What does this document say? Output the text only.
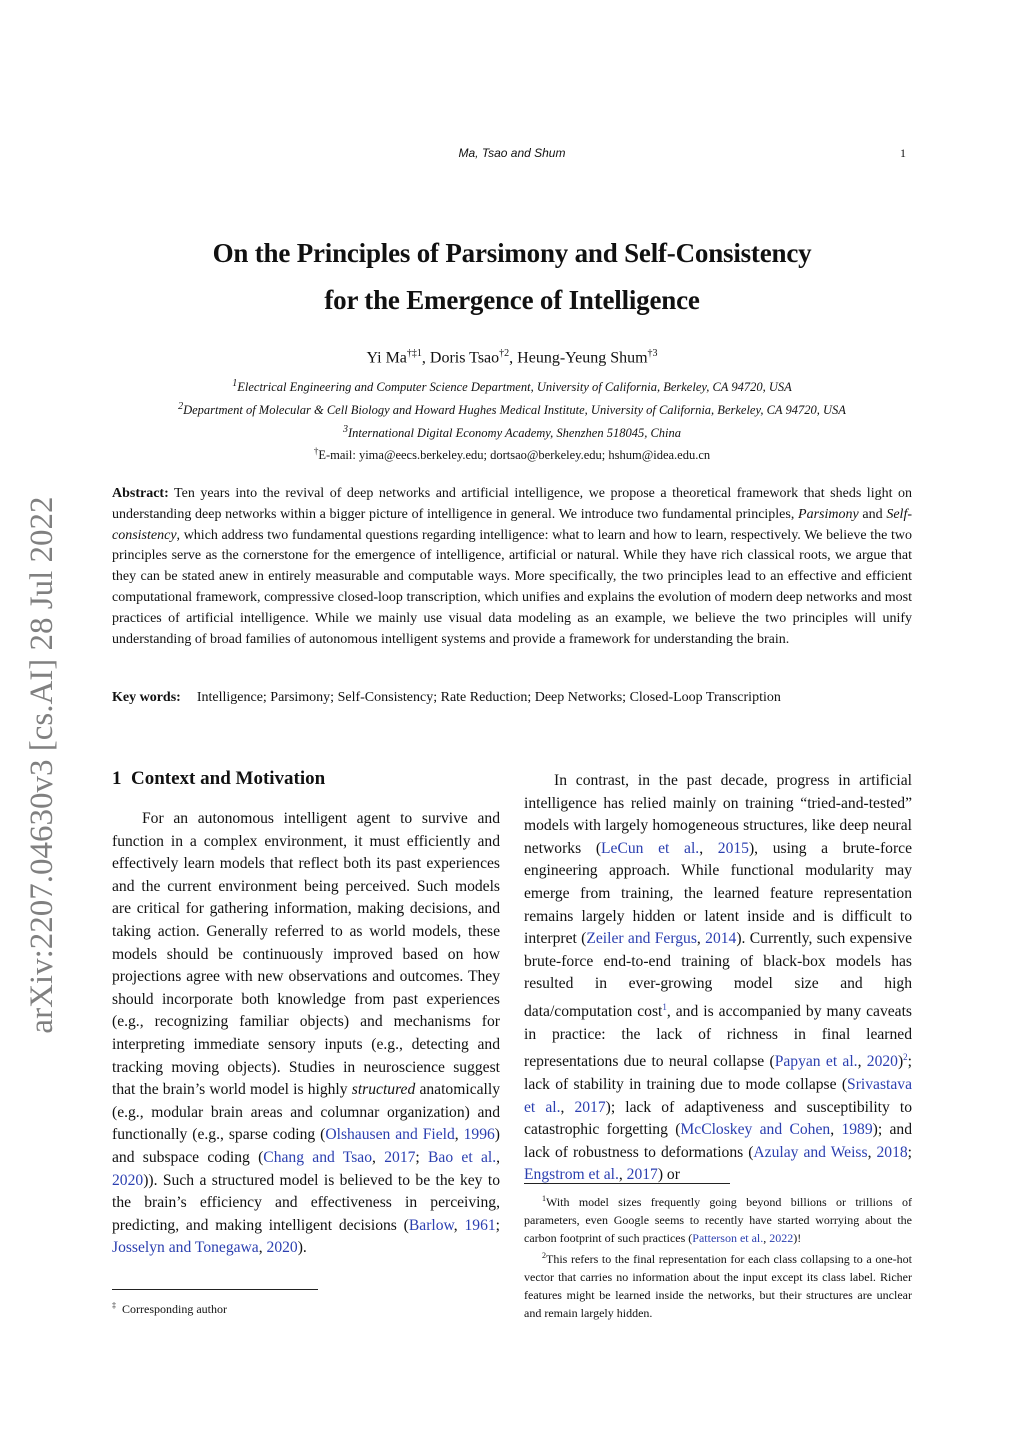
Ma, Tsao and Shum	1
On the Principles of Parsimony and Self-Consistency
for the Emergence of Intelligence
Yi Ma$^{\dagger\ddagger 1}$, Doris Tsao$^{\dagger 2}$, Heung-Yeung Shum$^{\dagger 3}$
$^1$Electrical Engineering and Computer Science Department, University of California, Berkeley, CA 94720, USA
$^2$Department of Molecular & Cell Biology and Howard Hughes Medical Institute, University of California, Berkeley, CA 94720, USA
$^3$International Digital Economy Academy, Shenzhen 518045, China
†E-mail: yima@eecs.berkeley.edu; dortsao@berkeley.edu; hshum@idea.edu.cn
arXiv:2207.04630v3 [cs.AI] 28 Jul 2022
Abstract: Ten years into the revival of deep networks and artificial intelligence, we propose a theoretical framework that sheds light on understanding deep networks within a bigger picture of intelligence in general. We introduce two fundamental principles, Parsimony and Self-consistency, which address two fundamental questions regarding intelligence: what to learn and how to learn, respectively. We believe the two principles serve as the cornerstone for the emergence of intelligence, artificial or natural. While they have rich classical roots, we argue that they can be stated anew in entirely measurable and computable ways. More specifically, the two principles lead to an effective and efficient computational framework, compressive closed-loop transcription, which unifies and explains the evolution of modern deep networks and most practices of artificial intelligence. While we mainly use visual data modeling as an example, we believe the two principles will unify understanding of broad families of autonomous intelligent systems and provide a framework for understanding the brain.
Key words: Intelligence; Parsimony; Self-Consistency; Rate Reduction; Deep Networks; Closed-Loop Transcription
1 Context and Motivation

For an autonomous intelligent agent to survive and function in a complex environment, it must efficiently and effectively learn models that reflect both its past experiences and the current environment being perceived. Such models are critical for gathering information, making decisions, and taking action. Generally referred to as world models, these models should be continuously improved based on how projections agree with new observations and outcomes. They should incorporate both knowledge from past experiences (e.g., recognizing familiar objects) and mechanisms for interpreting immediate sensory inputs (e.g., detecting and tracking moving objects). Studies in neuroscience suggest that the brain’s world model is highly structured anatomically (e.g., modular brain areas and columnar organization) and functionally (e.g., sparse coding (Olshausen and Field, 1996) and subspace coding (Chang and Tsao, 2017; Bao et al., 2020)). Such a structured model is believed to be the key to the brain’s efficiency and effectiveness in perceiving, predicting, and making intelligent decisions (Barlow, 1961; Josselyn and Tonegawa, 2020).

‡ Corresponding author

In contrast, in the past decade, progress in artificial intelligence has relied mainly on training “tried-and-tested” models with largely homogeneous structures, like deep neural networks (LeCun et al., 2015), using a brute-force engineering approach. While functional modularity may emerge from training, the learned feature representation remains largely hidden or latent inside and is difficult to interpret (Zeiler and Fergus, 2014). Currently, such expensive brute-force end-to-end training of black-box models has resulted in ever-growing model size and high data/computation cost$^1$, and is accompanied by many caveats in practice: the lack of richness in final learned representations due to neural collapse (Papyan et al., 2020)$^2$; lack of stability in training due to mode collapse (Srivastava et al., 2017); lack of adaptiveness and susceptibility to catastrophic forgetting (McCloskey and Cohen, 1989); and lack of robustness to deformations (Azulay and Weiss, 2018; Engstrom et al., 2017) or

$^1$With model sizes frequently going beyond billions or trillions of parameters, even Google seems to recently have started worrying about the carbon footprint of such practices (Patterson et al., 2022)!
$^2$This refers to the final representation for each class collapsing to a one-hot vector that carries no information about the input except its class label. Richer features might be learned inside the networks, but their structures are unclear and remain largely hidden.
